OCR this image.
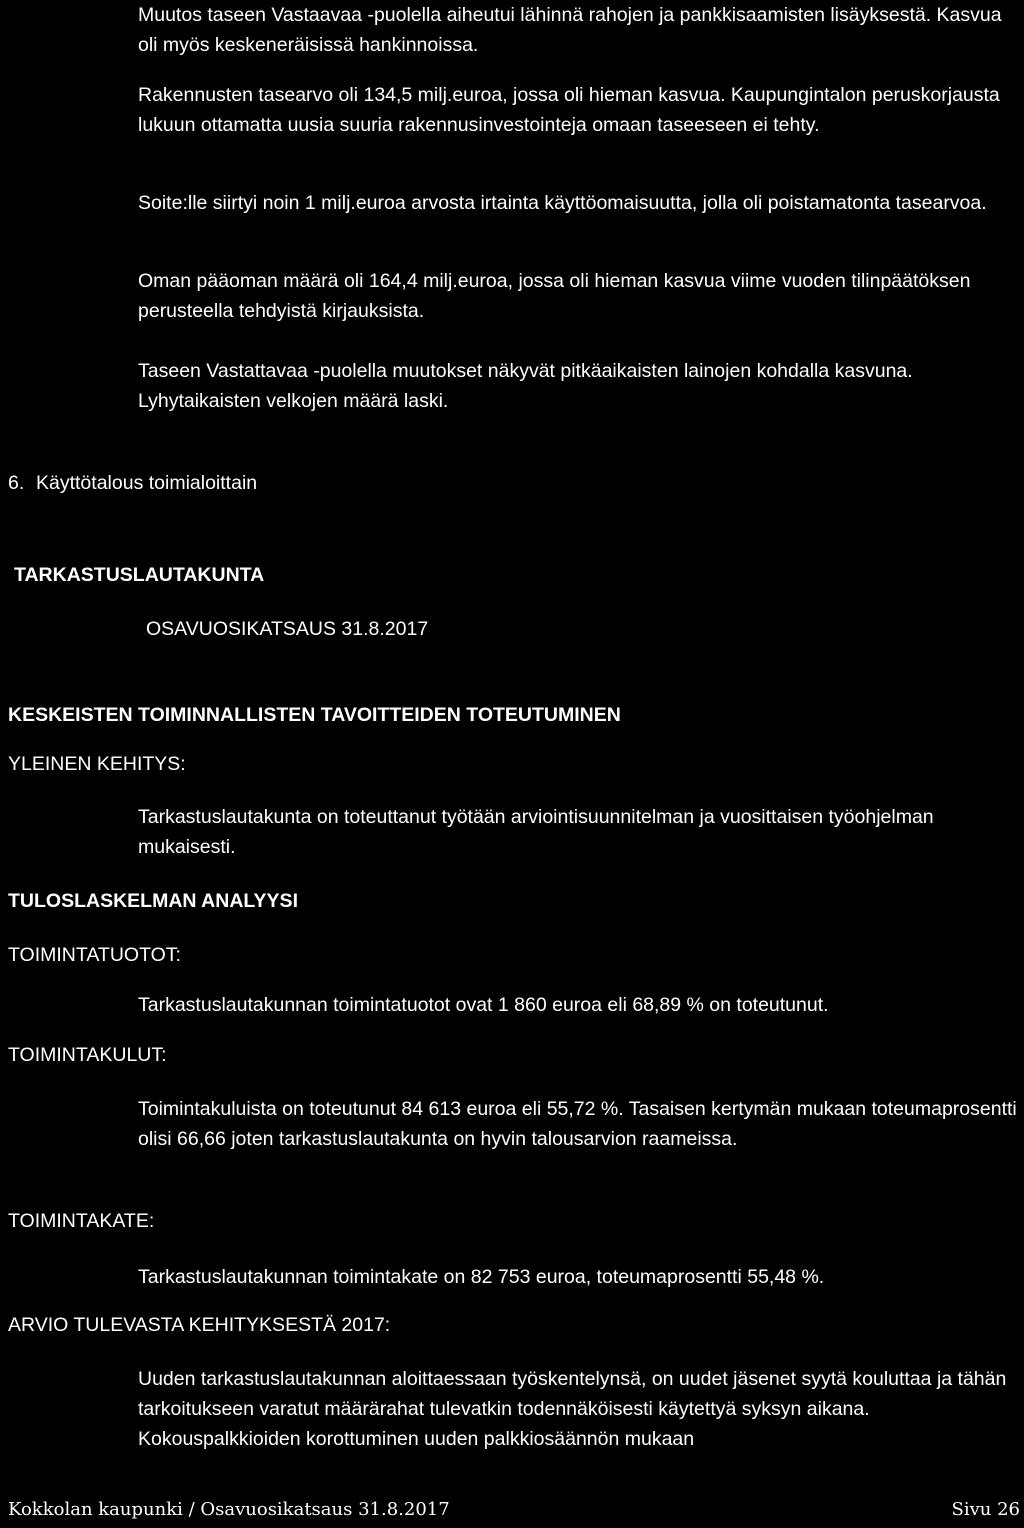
Muutos taseen Vastaavaa -puolella aiheutui lähinnä rahojen ja pankkisaamisten lisäyksestä. Kasvua oli myös keskeneräisissä hankinnoissa.

Rakennusten tasearvo oli 134,5 milj.euroa, jossa oli hieman kasvua. Kaupungintalon peruskorjausta lukuun ottamatta uusia suuria rakennusinvestointeja omaan taseeseen ei tehty.

Soite:lle siirtyi noin 1 milj.euroa arvosta irtainta käyttöomaisuutta, jolla oli poistamatonta tasearvoa.

Oman pääoman määrä oli 164,4 milj.euroa, jossa oli hieman kasvua viime vuoden tilinpäätöksen perusteella tehdyistä kirjauksista.

Taseen Vastattavaa -puolella muutokset näkyvät pitkäaikaisten lainojen kohdalla kasvuna. Lyhytaikaisten velkojen määrä laski.

6. Käyttötalous toimialoittain

TARKASTUSLAUTAKUNTA

OSAVUOSIKATSAUS 31.8.2017

KESKEISTEN TOIMINNALLISTEN TAVOITTEIDEN TOTEUTUMINEN

YLEINEN KEHITYS:

Tarkastuslautakunta on toteuttanut työtään arviointisuunnitelman ja vuosittaisen työohjelman mukaisesti.

TULOSLASKELMAN ANALYYSI

TOIMINTATUOTOT:

Tarkastuslautakunnan toimintatuotot ovat 1 860 euroa eli 68,89 % on toteutunut.

TOIMINTAKULUT:

Toimintakuluista on toteutunut 84 613 euroa eli 55,72 %. Tasaisen kertymän mukaan toteumaprosentti olisi 66,66 joten tarkastuslautakunta on hyvin talousarvion raameissa.

TOIMINTAKATE:

Tarkastuslautakunnan toimintakate on 82 753 euroa, toteumaprosentti 55,48 %.

ARVIO TULEVASTA KEHITYKSESTÄ 2017:

Uuden tarkastuslautakunnan aloittaessaan työskentelynsä, on uudet jäsenet syytä kouluttaa ja tähän tarkoitukseen varatut määrärahat tulevatkin todennäköisesti käytettyä syksyn aikana. Kokouspalkkioiden korottuminen uuden palkkiosäännön mukaan

Kokkolan kaupunki / Osavuosikatsaus 31.8.2017	Sivu 26
